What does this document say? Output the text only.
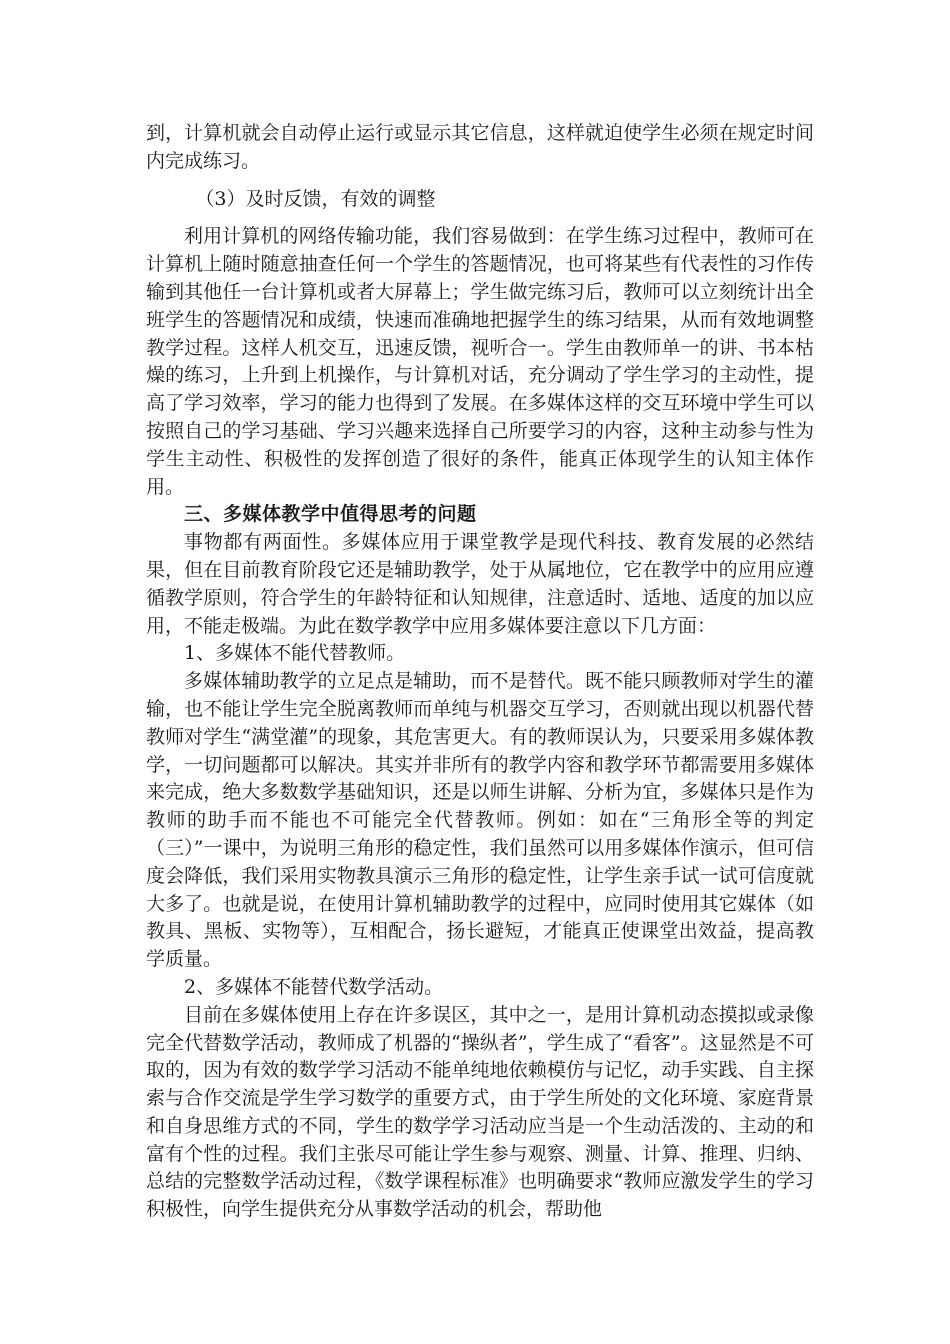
到，计算机就会自动停止运行或显示其它信息，这样就迫使学生必须在规定时间内完成练习。

（3）及时反馈，有效的调整

利用计算机的网络传输功能，我们容易做到：在学生练习过程中，教师可在计算机上随时随意抽查任何一个学生的答题情况，也可将某些有代表性的习作传输到其他任一台计算机或者大屏幕上；学生做完练习后，教师可以立刻统计出全班学生的答题情况和成绩，快速而准确地把握学生的练习结果，从而有效地调整教学过程。这样人机交互，迅速反馈，视听合一。学生由教师单一的讲、书本枯燥的练习，上升到上机操作，与计算机对话，充分调动了学生学习的主动性，提高了学习效率，学习的能力也得到了发展。在多媒体这样的交互环境中学生可以按照自己的学习基础、学习兴趣来选择自己所要学习的内容，这种主动参与性为学生主动性、积极性的发挥创造了很好的条件，能真正体现学生的认知主体作用。

三、多媒体教学中值得思考的问题

事物都有两面性。多媒体应用于课堂教学是现代科技、教育发展的必然结果，但在目前教育阶段它还是辅助教学，处于从属地位，它在教学中的应用应遵循教学原则，符合学生的年龄特征和认知规律，注意适时、适地、适度的加以应用，不能走极端。为此在数学教学中应用多媒体要注意以下几方面：

1、多媒体不能代替教师。

多媒体辅助教学的立足点是辅助，而不是替代。既不能只顾教师对学生的灌输，也不能让学生完全脱离教师而单纯与机器交互学习，否则就出现以机器代替教师对学生“满堂灌”的现象，其危害更大。有的教师误认为，只要采用多媒体教学，一切问题都可以解决。其实并非所有的教学内容和教学环节都需要用多媒体来完成，绝大多数数学基础知识，还是以师生讲解、分析为宜，多媒体只是作为教师的助手而不能也不可能完全代替教师。例如：如在“三角形全等的判定（三）”一课中，为说明三角形的稳定性，我们虽然可以用多媒体作演示，但可信度会降低，我们采用实物教具演示三角形的稳定性，让学生亲手试一试可信度就大多了。也就是说，在使用计算机辅助教学的过程中，应同时使用其它媒体（如教具、黑板、实物等），互相配合，扬长避短，才能真正使课堂出效益，提高教学质量。

2、多媒体不能替代数学活动。

目前在多媒体使用上存在许多误区，其中之一，是用计算机动态摸拟或录像完全代替数学活动，教师成了机器的“操纵者”，学生成了“看客”。这显然是不可取的，因为有效的数学学习活动不能单纯地依赖模仿与记忆，动手实践、自主探索与合作交流是学生学习数学的重要方式，由于学生所处的文化环境、家庭背景和自身思维方式的不同，学生的数学学习活动应当是一个生动活泼的、主动的和富有个性的过程。我们主张尽可能让学生参与观察、测量、计算、推理、归纳、总结的完整数学活动过程，《数学课程标准》也明确要求“教师应激发学生的学习积极性，向学生提供充分从事数学活动的机会，帮助他
